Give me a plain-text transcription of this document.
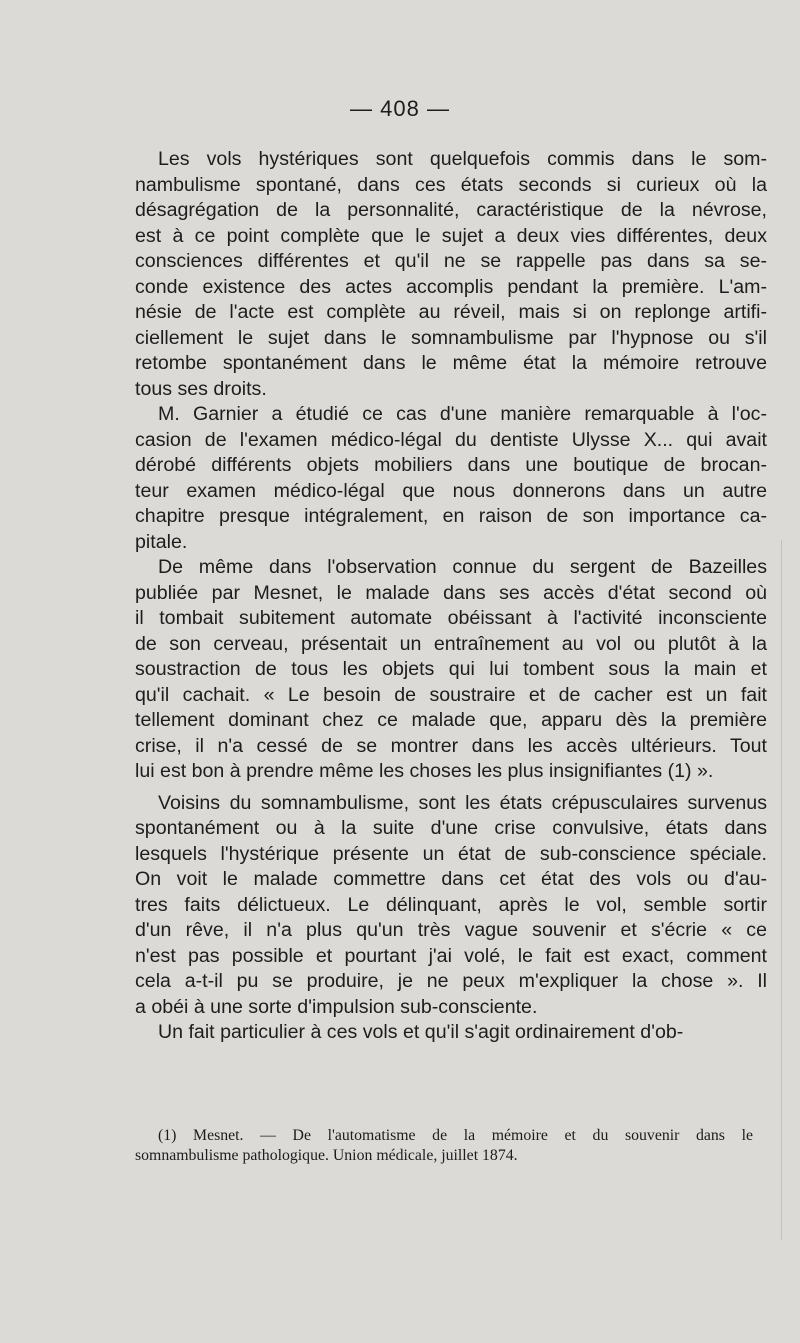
— 408 —
Les vols hystériques sont quelquefois commis dans le som-
nambulisme spontané, dans ces états seconds si curieux où la
désagrégation de la personnalité, caractéristique de la névrose,
est à ce point complète que le sujet a deux vies différentes, deux
consciences différentes et qu'il ne se rappelle pas dans sa se-
conde existence des actes accomplis pendant la première. L'am-
nésie de l'acte est complète au réveil, mais si on replonge artifi-
ciellement le sujet dans le somnambulisme par l'hypnose ou s'il
retombe spontanément dans le même état la mémoire retrouve
tous ses droits.
M. Garnier a étudié ce cas d'une manière remarquable à l'oc-
casion de l'examen médico-légal du dentiste Ulysse X... qui avait
dérobé différents objets mobiliers dans une boutique de brocan-
teur examen médico-légal que nous donnerons dans un autre
chapitre presque intégralement, en raison de son importance ca-
pitale.
De même dans l'observation connue du sergent de Bazeilles
publiée par Mesnet, le malade dans ses accès d'état second où
il tombait subitement automate obéissant à l'activité inconsciente
de son cerveau, présentait un entraînement au vol ou plutôt à la
soustraction de tous les objets qui lui tombent sous la main et
qu'il cachait. « Le besoin de soustraire et de cacher est un fait
tellement dominant chez ce malade que, apparu dès la première
crise, il n'a cessé de se montrer dans les accès ultérieurs. Tout
lui est bon à prendre même les choses les plus insignifiantes (1) ».
Voisins du somnambulisme, sont les états crépusculaires survenus
spontanément ou à la suite d'une crise convulsive, états dans
lesquels l'hystérique présente un état de sub-conscience spéciale.
On voit le malade commettre dans cet état des vols ou d'au-
tres faits délictueux. Le délinquant, après le vol, semble sortir
d'un rêve, il n'a plus qu'un très vague souvenir et s'écrie « ce
n'est pas possible et pourtant j'ai volé, le fait est exact, comment
cela a-t-il pu se produire, je ne peux m'expliquer la chose ». Il
a obéi à une sorte d'impulsion sub-consciente.
Un fait particulier à ces vols et qu'il s'agit ordinairement d'ob-
(1) Mesnet. — De l'automatisme de la mémoire et du souvenir dans le
somnambulisme pathologique. Union médicale, juillet 1874.
